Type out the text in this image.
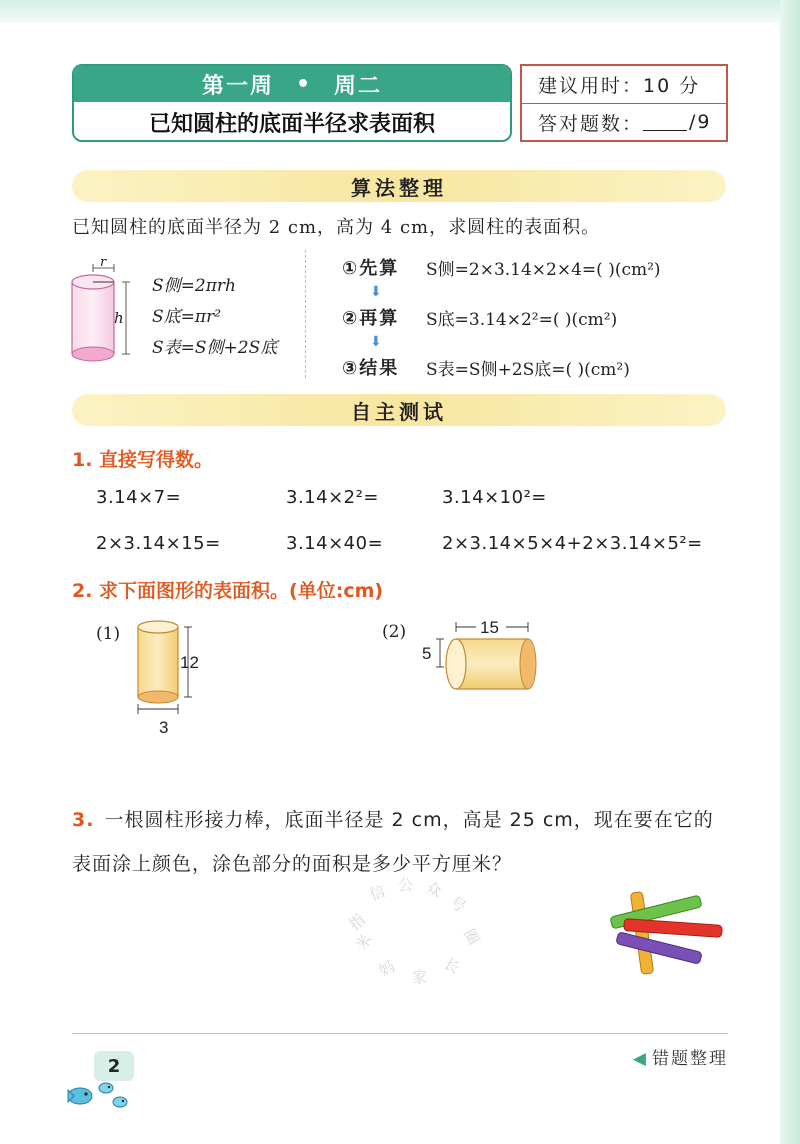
第一周 • 周二
已知圆柱的底面半径求表面积
建议用时：10 分
答对题数： /9
算法整理
已知圆柱的底面半径为 2 cm，高为 4 cm，求圆柱的表面积。
r
h
S侧=2πrh
S底=πr²
S表=S侧+2S底
①先算	S侧=2×3.14×2×4=( )(cm²)
⬇
②再算	S底=3.14×2²=( )(cm²)
⬇
③结果	S表=S侧+2S底=( )(cm²)
自主测试
1. 直接写得数。
3.14×7=	3.14×2²=	3.14×10²=
2×3.14×15=	3.14×40=	2×3.14×5×4+2×3.14×5²=
2. 求下面图形的表面积。(单位:cm)
(1)
12
3
(2)	15
5
3. 一根圆柱形接力棒，底面半径是 2 cm，高是 25 cm，现在要在它的表面涂上颜色，涂色部分的面积是多少平方厘米？
指
信 公 众
号
米
妈 家 长
圈
2	◀ 错题整理
